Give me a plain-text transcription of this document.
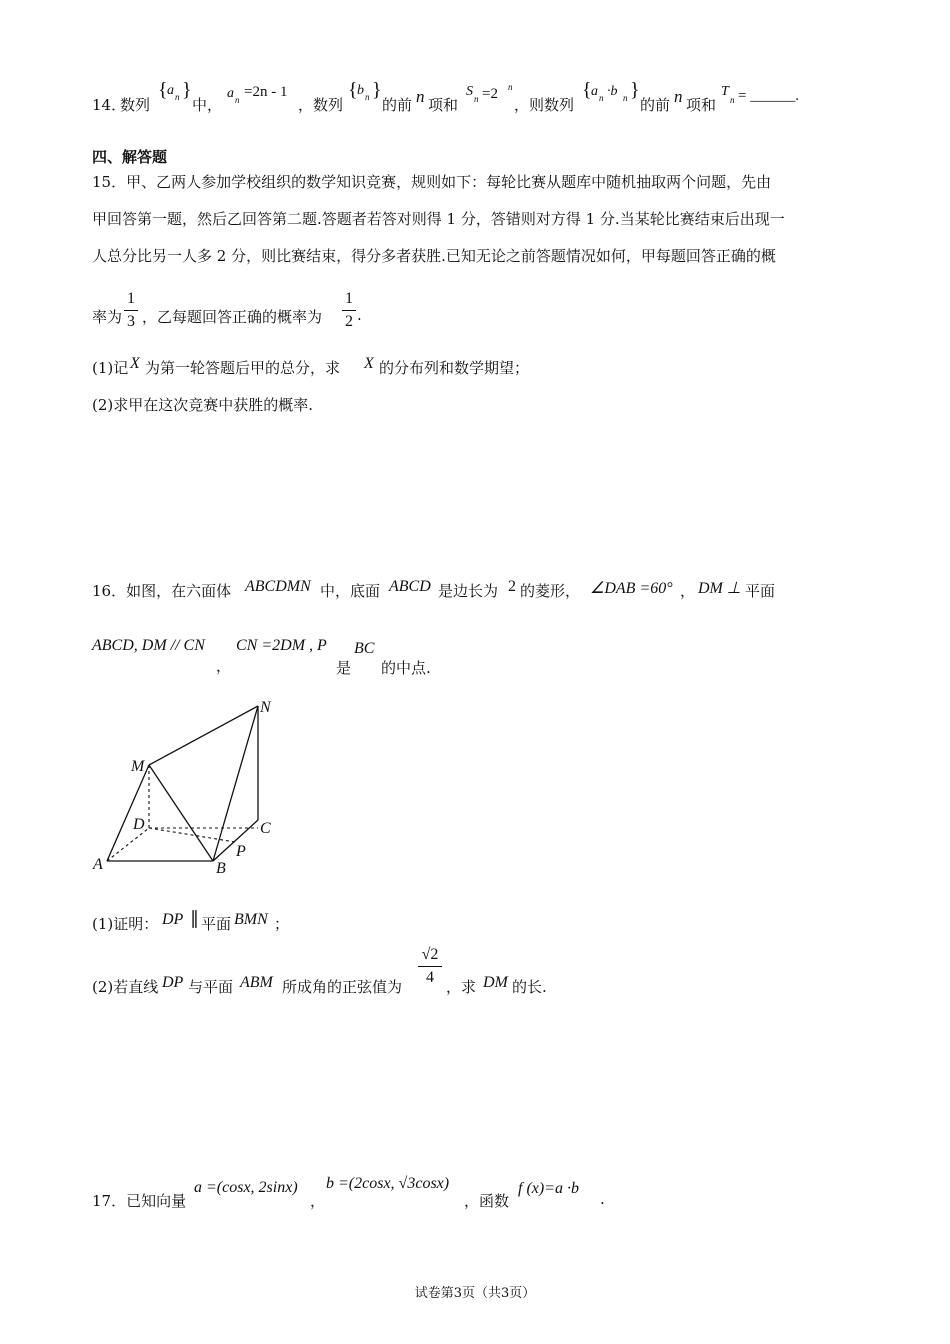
14．
数列
{ a n }
中，
a n =2n - 1
，数列
{ b n }
的前 n 项和
S n =2 n
，则数列
{ a n ·b n }
的前 n 项和
T
n = ______.
四、解答题
15．甲、乙两人参加学校组织的数学知识竞赛，规则如下：每轮比赛从题库中随机抽取两个问题，先由
甲回答第一题，然后乙回答第二题.答题者若答对则得 1 分，答错则对方得 1 分.当某轮比赛结束后出现一
人总分比另一人多 2 分，则比赛结束，得分多者获胜.已知无论之前答题情况如何，甲每题回答正确的概
率为
1
3 ，乙每题回答正确的概率为
1
2 .
(1)记 X 为第一轮答题后甲的总分，求 X 的分布列和数学期望；
(2)求甲在这次竞赛中获胜的概率.
16．如图，在六面体 ABCDMN 中，底面 ABCD 是边长为 2 的菱形， ∠DAB =60° ， DM ⊥ 平面
ABCD, DM // CN
，
CN =2DM , P
是
BC
的中点.
N
M
D	C
A	B
P
(1)证明： DP ∥ 平面 BMN ；
(2)若直线 DP 与平面 ABM 所成角的正弦值为
√2
4
，求 DM 的长.
17．已知向量
a =(cosx, 2sinx)
，
b =(2cosx, √3cosx)
，函数
f (x)=a ·b
.
试卷第3页（共3页）
